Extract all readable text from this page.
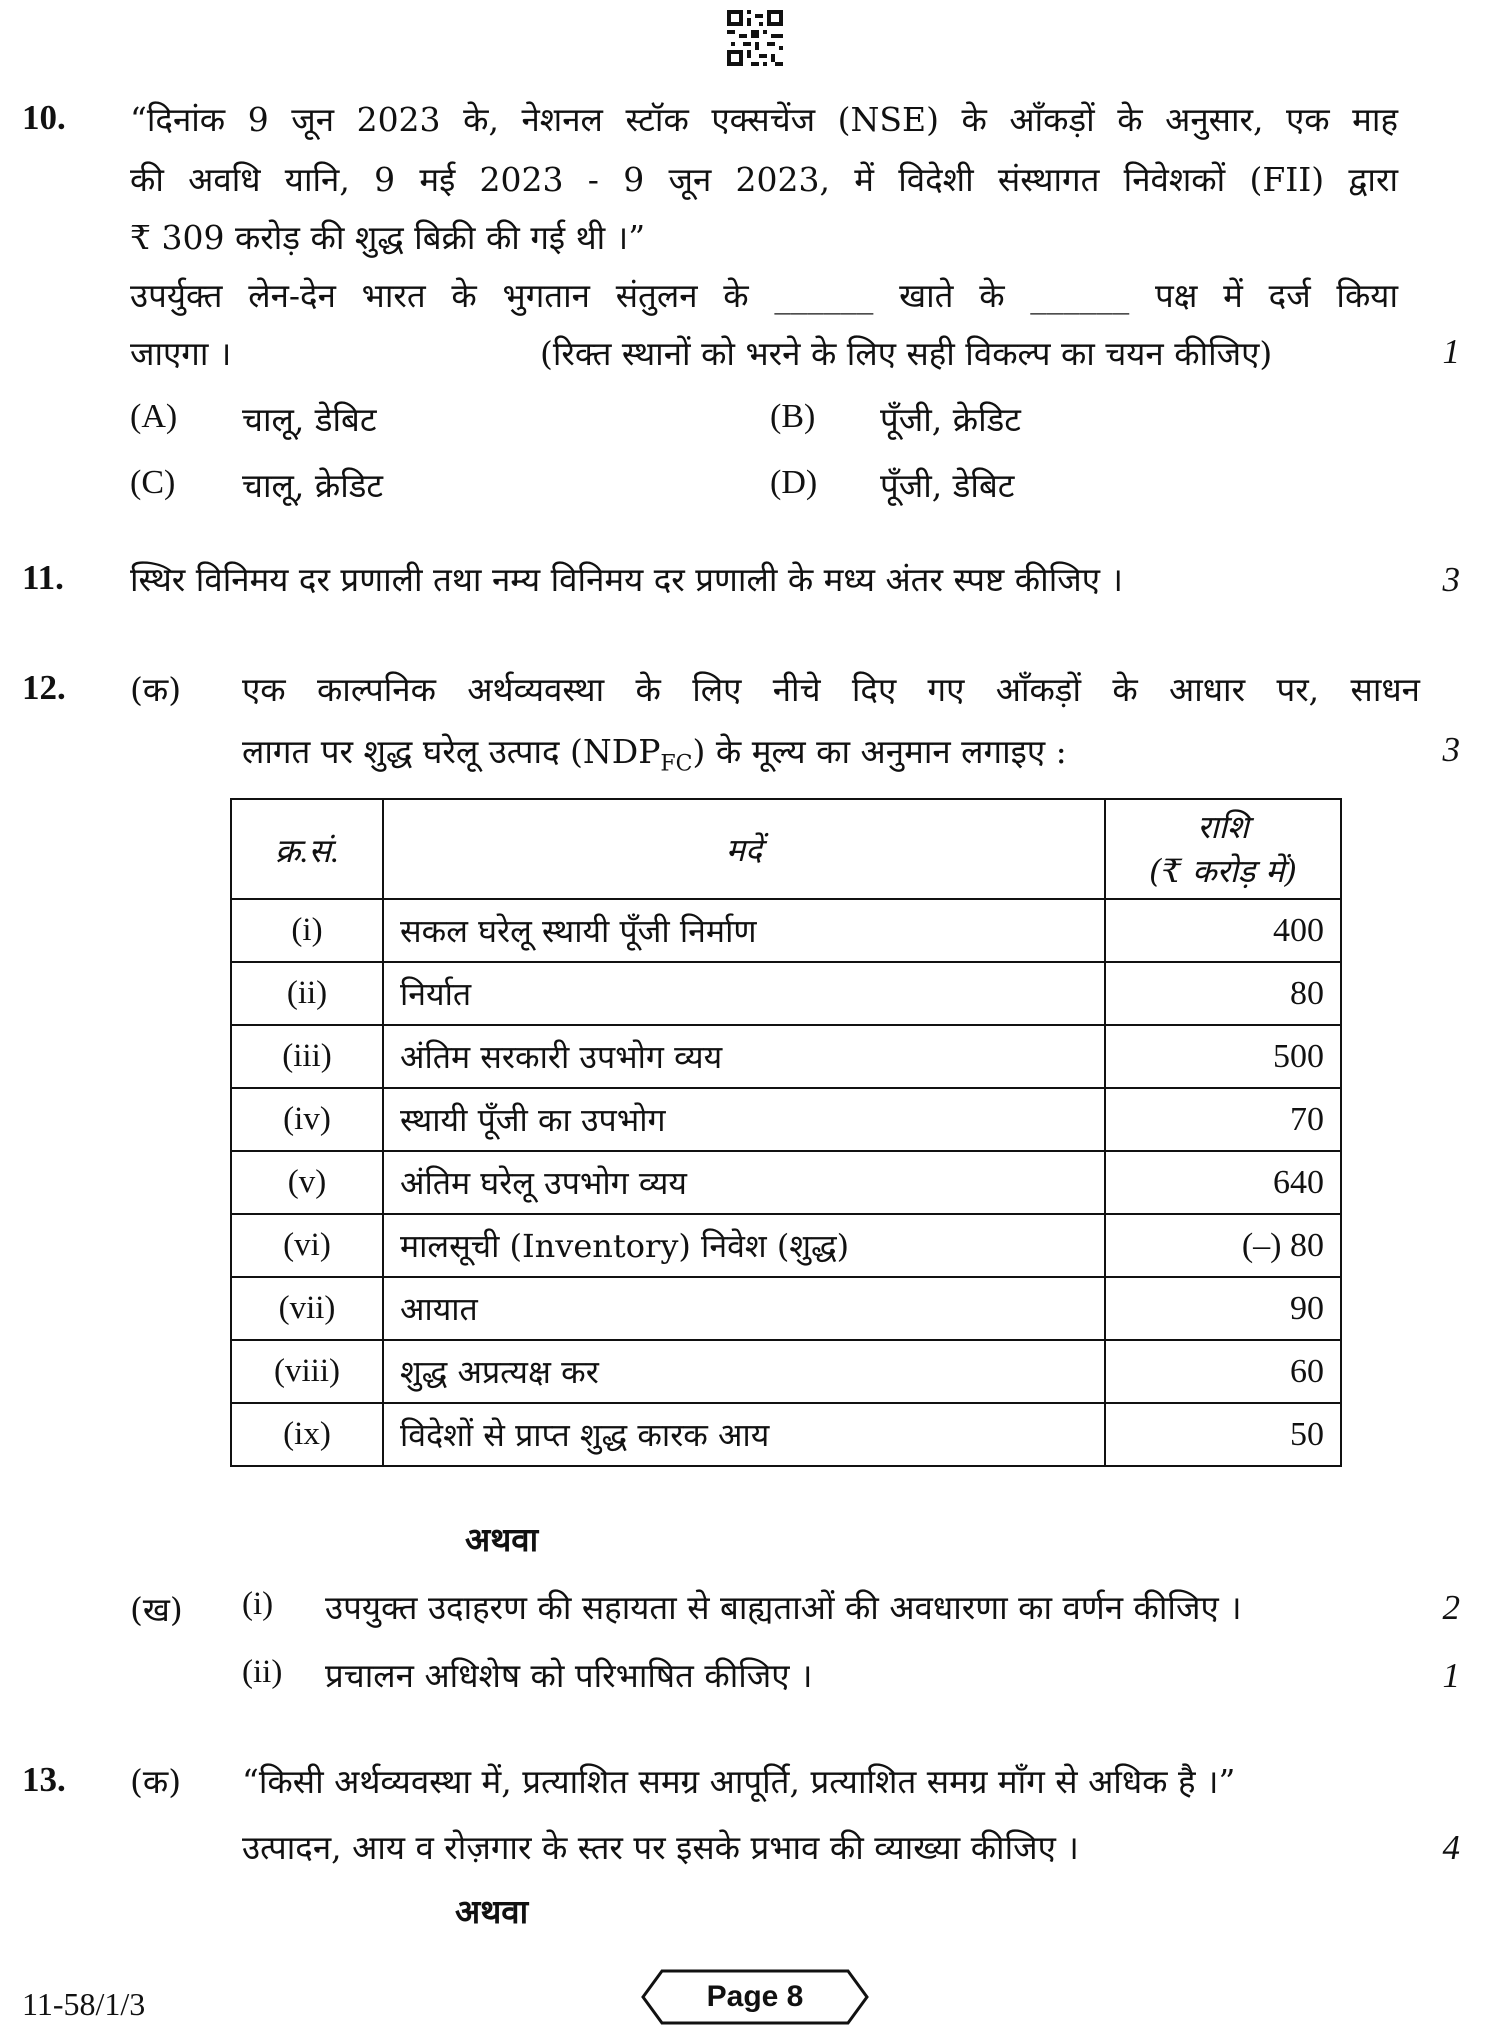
10. “दिनांक 9 जून 2023 के, नेशनल स्टॉक एक्सचेंज (NSE) के आँकड़ों के अनुसार, एक माह
की अवधि यानि, 9 मई 2023 - 9 जून 2023, में विदेशी संस्थागत निवेशकों (FII) द्वारा
₹ 309 करोड़ की शुद्ध बिक्री की गई थी ।”
उपर्युक्त लेन-देन भारत के भुगतान संतुलन के ______ खाते के ______ पक्ष में दर्ज किया
जाएगा ।	(रिक्त स्थानों को भरने के लिए सही विकल्प का चयन कीजिए)	1
(A) चालू, डेबिट	(B) पूँजी, क्रेडिट
(C) चालू, क्रेडिट	(D) पूँजी, डेबिट
11. स्थिर विनिमय दर प्रणाली तथा नम्य विनिमय दर प्रणाली के मध्य अंतर स्पष्ट कीजिए ।	3
12. (क) एक काल्पनिक अर्थव्यवस्था के लिए नीचे दिए गए आँकड़ों के आधार पर, साधन
लागत पर शुद्ध घरेलू उत्पाद $(NDP_{FC})$ के मूल्य का अनुमान लगाइए :	3
क्र.सं.	मदें	राशि
(₹ करोड़ में)
(i)	सकल घरेलू स्थायी पूँजी निर्माण	400
(ii)	निर्यात	80
(iii)	अंतिम सरकारी उपभोग व्यय	500
(iv)	स्थायी पूँजी का उपभोग	70
(v)	अंतिम घरेलू उपभोग व्यय	640
(vi)	मालसूची (Inventory) निवेश (शुद्ध)	(–) 80
(vii)	आयात	90
(viii)	शुद्ध अप्रत्यक्ष कर	60
(ix)	विदेशों से प्राप्त शुद्ध कारक आय	50
अथवा
(ख) (i) उपयुक्त उदाहरण की सहायता से बाह्यताओं की अवधारणा का वर्णन कीजिए ।	2
(ii) प्रचालन अधिशेष को परिभाषित कीजिए ।	1
13. (क) “किसी अर्थव्यवस्था में, प्रत्याशित समग्र आपूर्ति, प्रत्याशित समग्र माँग से अधिक है ।”
उत्पादन, आय व रोज़गार के स्तर पर इसके प्रभाव की व्याख्या कीजिए ।	4
अथवा
11-58/1/3	Page 8
